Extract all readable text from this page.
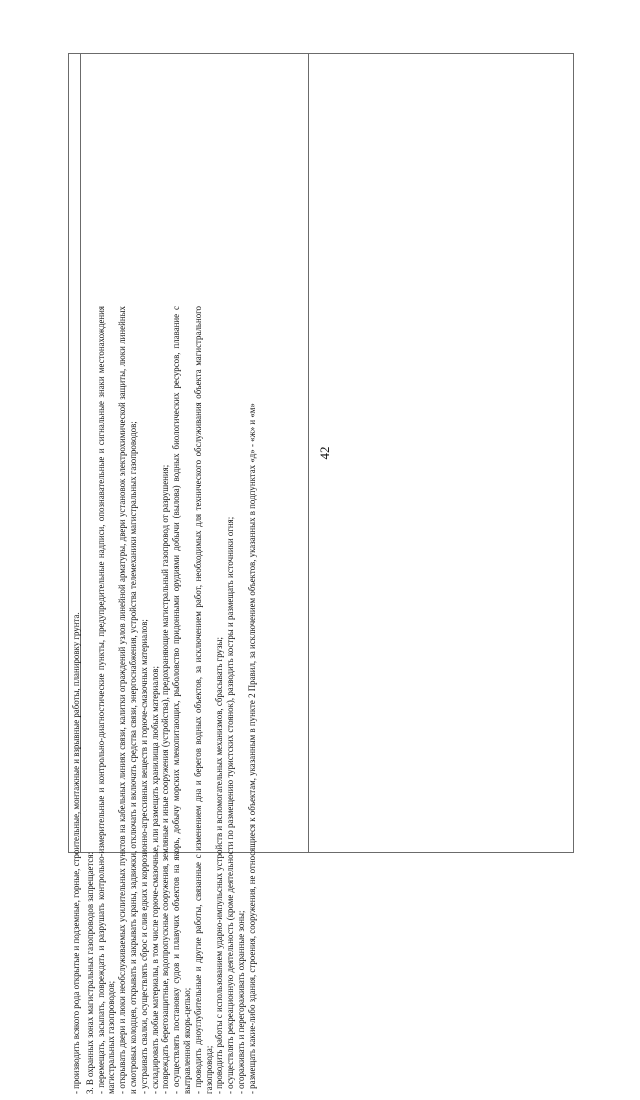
42

- производить всякого рода открытые и подземные, горные, строительные, монтажные и взрывные работы, планировку грунта. 3. В охранных зонах магистральных газопроводов запрещается: - перемещать, засыпать, повреждать и разрушать контрольно-измерительные и контрольно-диагностические пункты, предупредительные надписи, опознавательные и сигнальные знаки местонахождения магистральных газопроводов; - открывать двери и люки необслуживаемых усилительных пунктов на кабельных линиях связи, калитки ограждений узлов линейной арматуры, двери установок электрохимической защиты, люки линейных и смотровых колодцев, открывать и закрывать краны, задвижки, отключать и включать средства связи, энергоснабжения, устройства телемеханики магистральных газопроводов; - устраивать свалки, осуществлять сброс и слив едких и коррозионно-агрессивных веществ и горюче-смазочных материалов; - складировать любые материалы, в том числе горюче-смазочные, или размещать хранилища любых материалов; - повреждать берегозащитные, водопропускные сооружения, земляные и иные сооружения (устройства), предохраняющие магистральный газопровод от разрушения; - осуществлять постановку судов и плавучих объектов на якорь, добычу морских млекопитающих, рыболовство придонными орудиями добычи (вылова) водных биологических ресурсов, плавание с вытравленной якорь-цепью; - проводить дноуглубительные и другие работы, связанные с изменением дна и берегов водных объектов, за исключением работ, необходимых для технического обслуживания объекта магистрального газопровода; - проводить работы с использованием ударно-импульсных устройств и вспомогательных механизмов, сбрасывать грузы; - осуществлять рекреационную деятельность (кроме деятельности по размещению туристских стоянок), разводить костры и размещать источники огня; - огораживать и перегораживать охранные зоны; - размещать какие-либо здания, строения, сооружения, не относящиеся к объектам, указанным в пункте 2 Правил, за исключением объектов, указанных в подпунктах «д» - «ж» и «м»
